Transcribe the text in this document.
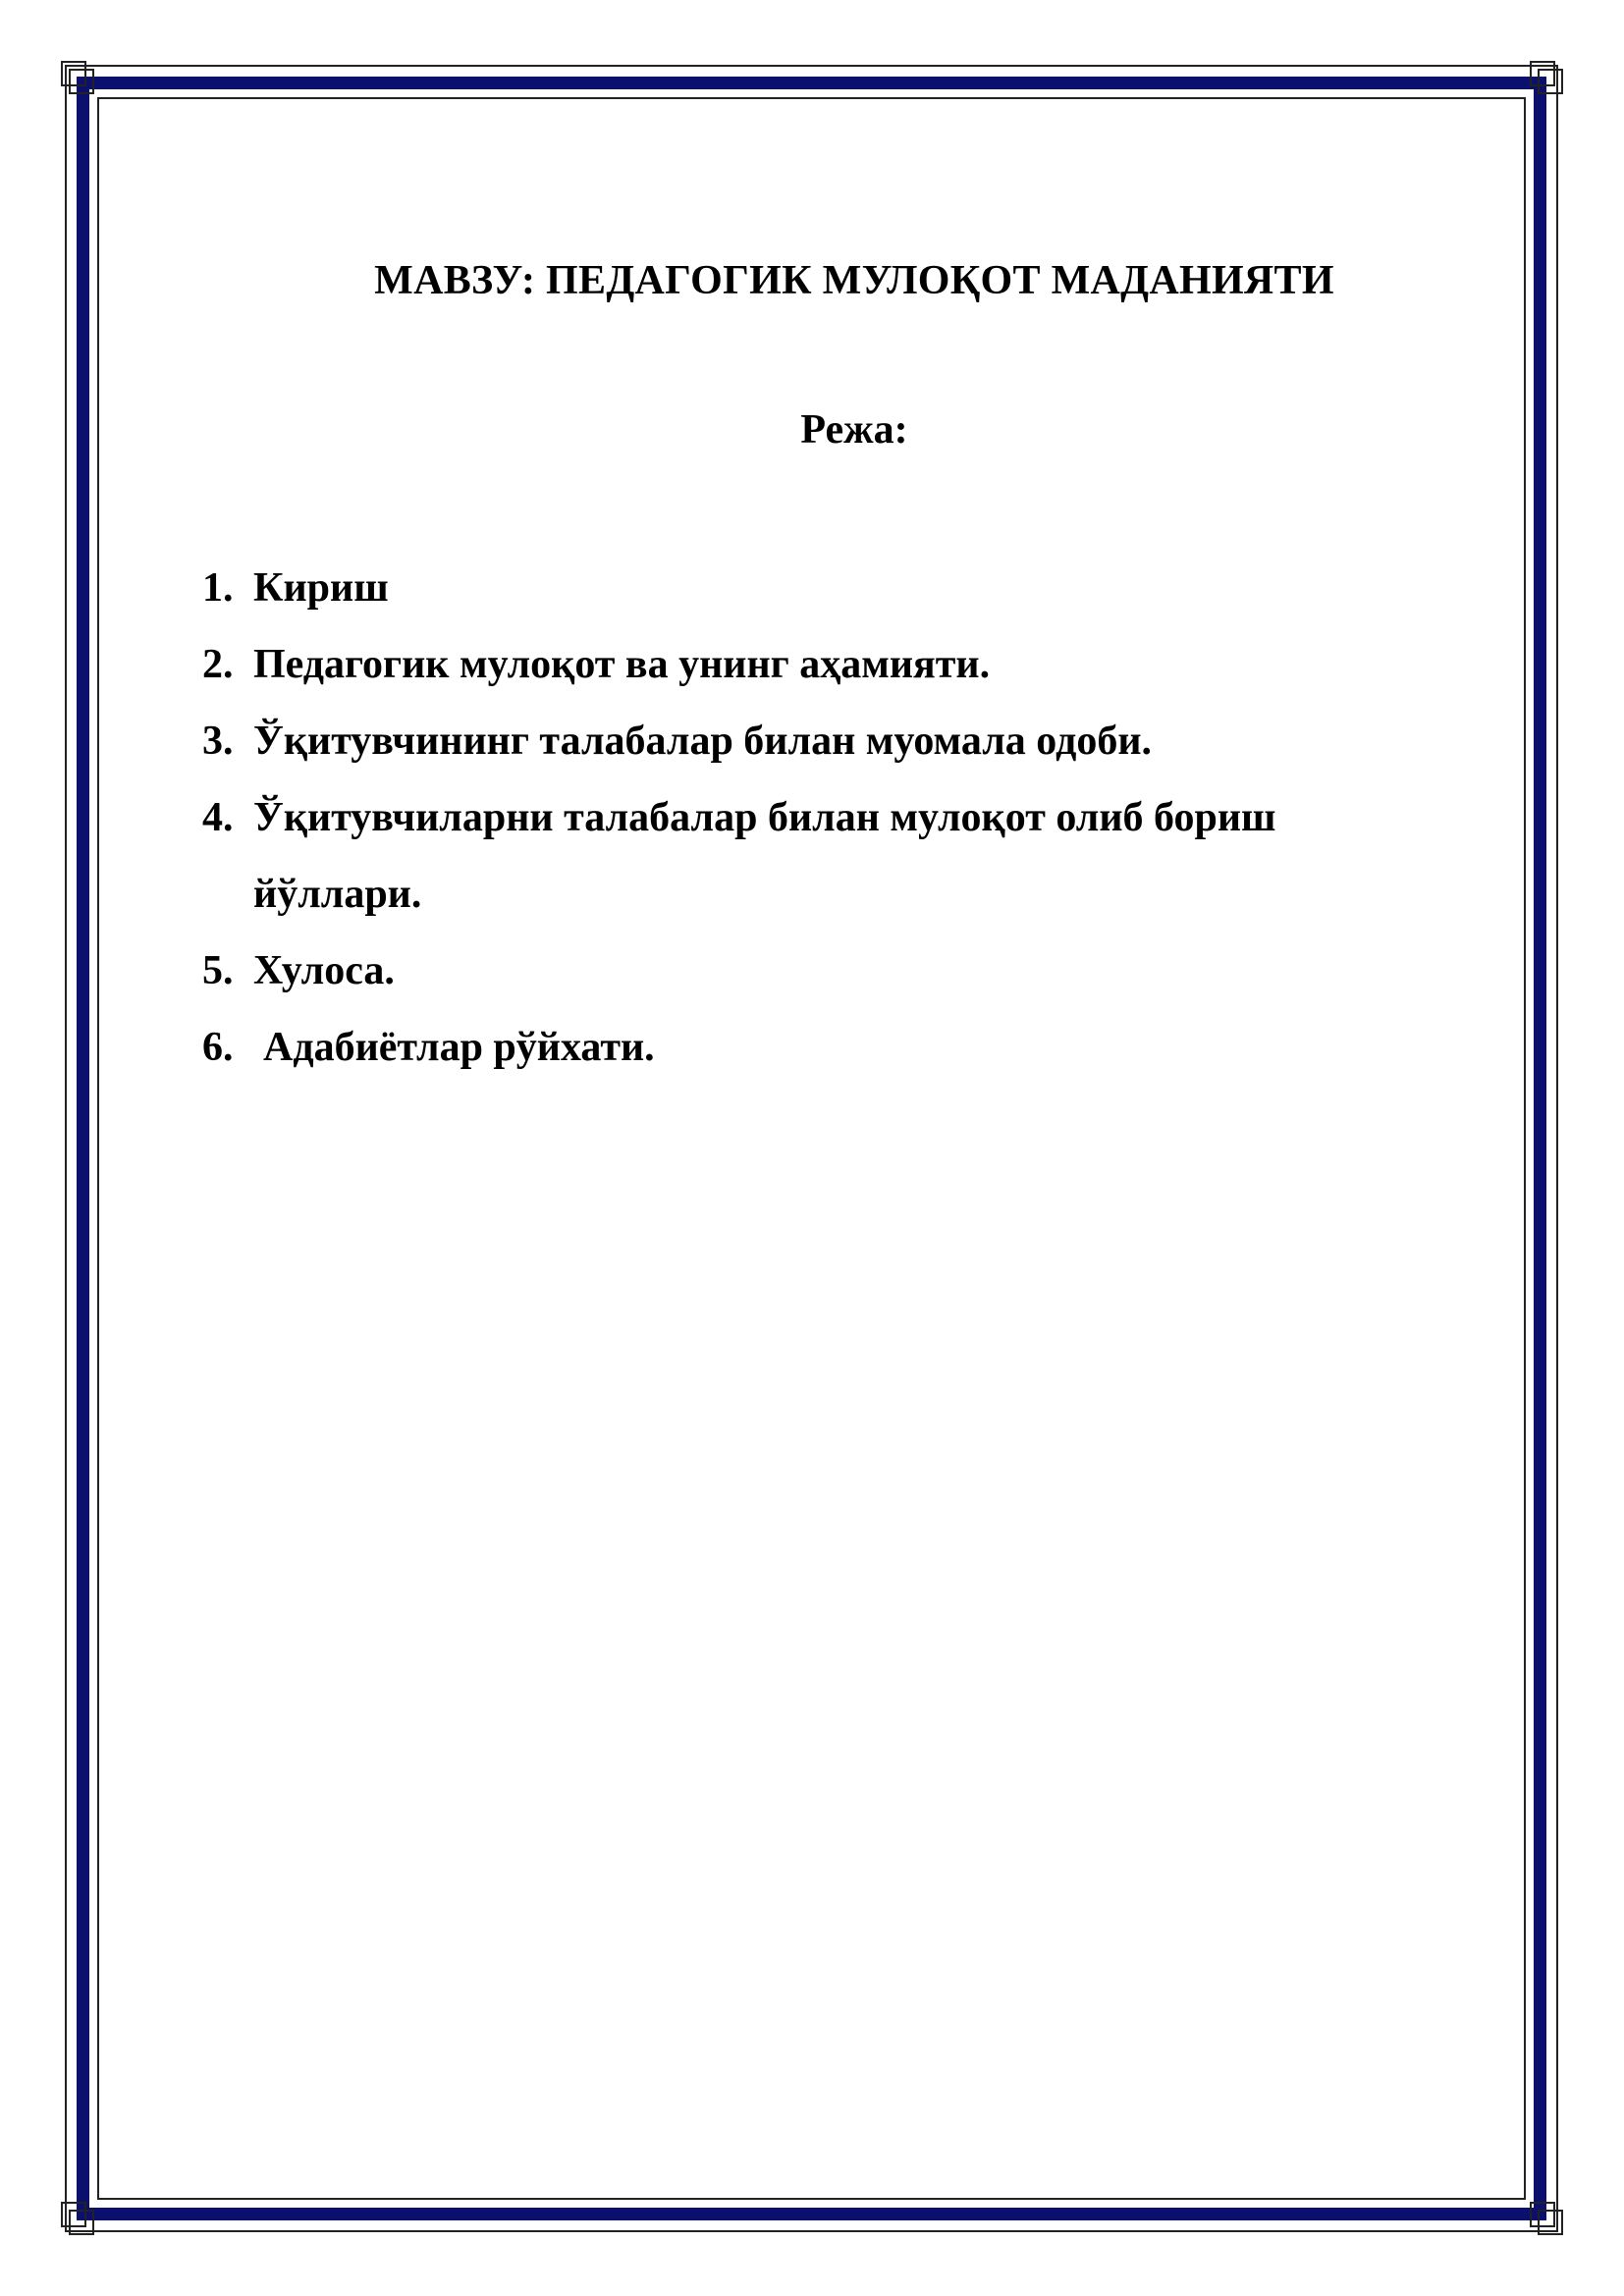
МАВЗУ: ПЕДАГОГИК МУЛОҚОТ МАДАНИЯТИ
Режа:
1. Кириш
2. Педагогик мулоқот ва унинг аҳамияти.
3. Ўқитувчининг талабалар билан муомала одоби.
4. Ўқитувчиларни талабалар билан мулоқот олиб бориш йўллари.
5. Хулоса.
6. Адабиётлар рўйхати.
